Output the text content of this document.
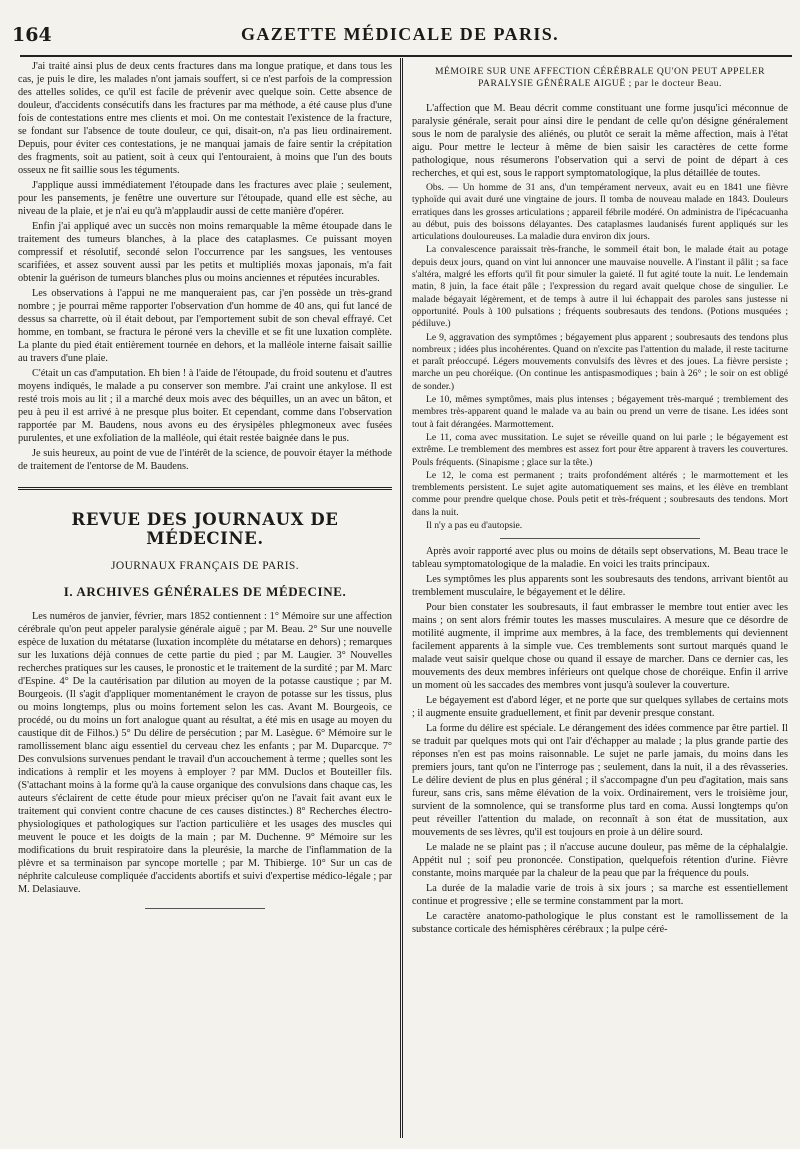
164	GAZETTE MÉDICALE DE PARIS.

J'ai traité ainsi plus de deux cents fractures dans ma longue pratique, et dans tous les cas, je puis le dire, les malades n'ont jamais souffert, si ce n'est parfois de la compression des attelles solides, ce qu'il est facile de prévenir avec quelque soin. Cette absence de douleur, d'accidents consécutifs dans les fractures par ma méthode, a été cause plus d'une fois de contestations entre mes clients et moi. On me contestait l'existence de la fracture, se fondant sur l'absence de toute douleur, ce qui, disait-on, n'a pas lieu ordinairement. Depuis, pour éviter ces contestations, je ne manquai jamais de faire sentir la crépitation des fragments, soit au patient, soit à ceux qui l'entouraient, à moins que l'un des bouts osseux ne fit saillie sous les téguments.

J'applique aussi immédiatement l'étoupade dans les fractures avec plaie ; seulement, pour les pansements, je fenêtre une ouverture sur l'étoupade, quand elle est sèche, au niveau de la plaie, et je n'ai eu qu'à m'applaudir aussi de cette manière d'opérer.

Enfin j'ai appliqué avec un succès non moins remarquable la même étoupade dans le traitement des tumeurs blanches, à la place des cataplasmes. Ce puissant moyen compressif et résolutif, secondé selon l'occurrence par les sangsues, les ventouses scarifiées, et assez souvent aussi par les petits et multipliés moxas japonais, m'a fait obtenir la guérison de tumeurs blanches plus ou moins anciennes et réputées incurables.

Les observations à l'appui ne me manqueraient pas, car j'en possède un très-grand nombre ; je pourrai même rapporter l'observation d'un homme de 40 ans, qui fut lancé de dessus sa charrette, où il était debout, par l'emportement subit de son cheval effrayé. Cet homme, en tombant, se fractura le péroné vers la cheville et se fit une luxation complète. La plante du pied était entièrement tournée en dehors, et la malléole interne faisait saillie au travers d'une plaie.

C'était un cas d'amputation. Eh bien ! à l'aide de l'étoupade, du froid soutenu et d'autres moyens indiqués, le malade a pu conserver son membre. J'ai craint une ankylose. Il est resté trois mois au lit ; il a marché deux mois avec des béquilles, un an avec un bâton, et peu à peu il est arrivé à ne presque plus boiter. Et cependant, comme dans l'observation rapportée par M. Baudens, nous avons eu des érysipèles phlegmoneux avec fusées purulentes, et une exfoliation de la malléole, qui était restée baignée dans le pus.

Je suis heureux, au point de vue de l'intérêt de la science, de pouvoir étayer la méthode de traitement de l'entorse de M. Baudens.

REVUE DES JOURNAUX DE MÉDECINE.
JOURNAUX FRANÇAIS DE PARIS.
I. ARCHIVES GÉNÉRALES DE MÉDECINE.

Les numéros de janvier, février, mars 1852 contiennent : 1° Mémoire sur une affection cérébrale qu'on peut appeler paralysie générale aiguë ; par M. Beau. 2° Sur une nouvelle espèce de luxation du métatarse (luxation incomplète du métatarse en dehors) ; remarques sur les luxations déjà connues de cette partie du pied ; par M. Laugier. 3° Nouvelles recherches pratiques sur les causes, le pronostic et le traitement de la surdité ; par M. Marc d'Espine. 4° De la cautérisation par dilution au moyen de la potasse caustique ; par M. Bourgeois. (Il s'agit d'appliquer momentanément le crayon de potasse sur les tissus, plus ou moins longtemps, plus ou moins fortement selon les cas. Avant M. Bourgeois, ce procédé, ou du moins un fort analogue quant au résultat, a été mis en usage au moyen du caustique dit de Filhos.) 5° Du délire de persécution ; par M. Lasègue. 6° Mémoire sur le ramollissement blanc aigu essentiel du cerveau chez les enfants ; par M. Duparcque. 7° Des convulsions survenues pendant le travail d'un accouchement à terme ; quelles sont les indications à remplir et les moyens à employer ? par MM. Duclos et Bouteiller fils. (S'attachant moins à la forme qu'à la cause organique des convulsions dans chaque cas, les auteurs s'éclairent de cette étude pour mieux préciser qu'on ne l'avait fait avant eux le traitement qui convient contre chacune de ces causes distinctes.) 8° Recherches électro-physiologiques et pathologiques sur l'action particulière et les usages des muscles qui meuvent le pouce et les doigts de la main ; par M. Duchenne. 9° Mémoire sur les modifications du bruit respiratoire dans la pleurésie, la marche de l'inflammation de la plèvre et sa terminaison par syncope mortelle ; par M. Thibierge. 10° Sur un cas de néphrite calculeuse compliquée d'accidents abortifs et suivi d'expertise médico-légale ; par M. Delasiauve.

MÉMOIRE SUR UNE AFFECTION CÉRÉBRALE QU'ON PEUT APPELER PARALYSIE GÉNÉRALE AIGUË ; par le docteur Beau.

L'affection que M. Beau décrit comme constituant une forme jusqu'ici méconnue de paralysie générale, serait pour ainsi dire le pendant de celle qu'on désigne généralement sous le nom de paralysie des aliénés, ou plutôt ce serait la même affection, mais à l'état aigu. Pour mettre le lecteur à même de bien saisir les caractères de cette forme pathologique, nous résumerons l'observation qui a servi de point de départ à ces recherches, et qui est, sous le rapport symptomatologique, la plus détaillée de toutes.

Obs. — Un homme de 31 ans, d'un tempérament nerveux, avait eu en 1841 une fièvre typhoïde qui avait duré une vingtaine de jours. Il tomba de nouveau malade en 1843. Douleurs erratiques dans les grosses articulations ; appareil fébrile modéré. On administra de l'ipécacuanha au début, puis des boissons délayantes. Des cataplasmes laudanisés furent appliqués sur les articulations douloureuses. La maladie dura environ dix jours.

La convalescence paraissait très-franche, le sommeil était bon, le malade était au potage depuis deux jours, quand on vint lui annoncer une mauvaise nouvelle. A l'instant il pâlit ; sa face s'altéra, malgré les efforts qu'il fit pour simuler la gaieté. Il fut agité toute la nuit. Le lendemain matin, 8 juin, la face était pâle ; l'expression du regard avait quelque chose de singulier. Le malade bégayait légèrement, et de temps à autre il lui échappait des paroles sans justesse ni opportunité. Pouls à 100 pulsations ; fréquents soubresauts des tendons. (Potions musquées ; pédiluve.)

Le 9, aggravation des symptômes ; bégayement plus apparent ; soubresauts des tendons plus nombreux ; idées plus incohérentes. Quand on n'excite pas l'attention du malade, il reste taciturne et paraît préoccupé. Légers mouvements convulsifs des lèvres et des joues. La fièvre persiste ; marche un peu choréique. (On continue les antispasmodiques ; bain à 26° ; le soir on est obligé de sonder.)

Le 10, mêmes symptômes, mais plus intenses ; bégayement très-marqué ; tremblement des membres très-apparent quand le malade va au bain ou prend un verre de tisane. Les idées sont tout à fait dérangées. Marmottement.

Le 11, coma avec mussitation. Le sujet se réveille quand on lui parle ; le bégayement est extrême. Le tremblement des membres est assez fort pour être apparent à travers les couvertures. Pouls fréquents. (Sinapisme ; glace sur la tête.)

Le 12, le coma est permanent ; traits profondément altérés ; le marmottement et les tremblements persistent. Le sujet agite automatiquement ses mains, et les élève en tremblant comme pour prendre quelque chose. Pouls petit et très-fréquent ; soubresauts des tendons. Mort dans la nuit.

Il n'y a pas eu d'autopsie.

Après avoir rapporté avec plus ou moins de détails sept observations, M. Beau trace le tableau symptomatologique de la maladie. En voici les traits principaux.

Les symptômes les plus apparents sont les soubresauts des tendons, arrivant bientôt au tremblement musculaire, le bégayement et le délire.

Pour bien constater les soubresauts, il faut embrasser le membre tout entier avec les mains ; on sent alors frémir toutes les masses musculaires. A mesure que ce désordre de motilité augmente, il imprime aux membres, à la face, des tremblements qui deviennent facilement apparents à la simple vue. Ces tremblements sont surtout marqués quand le malade veut saisir quelque chose ou quand il essaye de marcher. Dans ce dernier cas, les mouvements des deux membres inférieurs ont quelque chose de choréique. Enfin il arrive un moment où les saccades des membres vont jusqu'à soulever la couverture.

Le bégayement est d'abord léger, et ne porte que sur quelques syllabes de certains mots ; il augmente ensuite graduellement, et finit par devenir presque constant.

La forme du délire est spéciale. Le dérangement des idées commence par être partiel. Il se traduit par quelques mots qui ont l'air d'échapper au malade ; la plus grande partie des réponses n'en est pas moins raisonnable. Le sujet ne parle jamais, du moins dans les premiers jours, tant qu'on ne l'interroge pas ; seulement, dans la nuit, il a des rêvasseries. Le délire devient de plus en plus général ; il s'accompagne d'un peu d'agitation, mais sans fureur, sans cris, sans même élévation de la voix. Ordinairement, vers le troisième jour, survient de la somnolence, qui se transforme plus tard en coma. Aussi longtemps qu'on peut réveiller l'attention du malade, on reconnaît à son état de mussitation, aux mouvements de ses lèvres, qu'il est toujours en proie à un délire sourd.

Le malade ne se plaint pas ; il n'accuse aucune douleur, pas même de la céphalalgie. Appétit nul ; soif peu prononcée. Constipation, quelquefois rétention d'urine. Fièvre constante, moins marquée par la chaleur de la peau que par la fréquence du pouls.

La durée de la maladie varie de trois à six jours ; sa marche est essentiellement continue et progressive ; elle se termine constamment par la mort.

Le caractère anatomo-pathologique le plus constant est le ramollissement de la substance corticale des hémisphères cérébraux ; la pulpe céré-
